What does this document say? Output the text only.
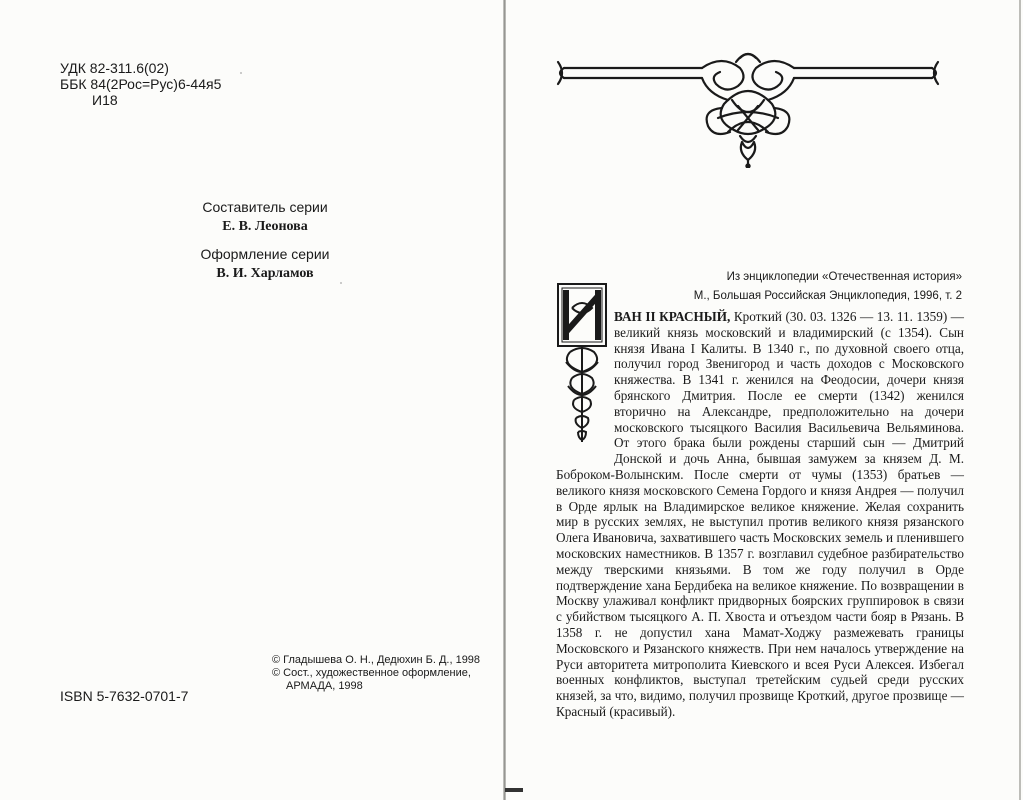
УДК 82-311.6(02)
ББК 84(2Рос=Рус)6-44я5
И18
Составитель серии
Е. В. Леонова
Оформление серии
В. И. Харламов
© Гладышева О. Н., Дедюхин Б. Д., 1998
© Сост., художественное оформление, АРМАДА, 1998
ISBN 5-7632-0701-7
Из энциклопедии «Отечественная история»
М., Большая Российская Энциклопедия, 1996, т. 2
ВАН II КРАСНЫЙ, Кроткий (30. 03. 1326 — 13. 11. 1359) — великий князь московский и владимирский (с 1354). Сын князя Ивана I Калиты. В 1340 г., по духовной своего отца, получил город Звенигород и часть доходов с Московского княжества. В 1341 г. женился на Феодосии, дочери князя брянского Дмитрия. После ее смерти (1342) женился вторично на Александре, предположительно на дочери московского тысяцкого Василия Васильевича Вельяминова. От этого брака были рождены старший сын — Дмитрий Донской и дочь Анна, бывшая замужем за князем Д. М. Боброком-Волынским. После смерти от чумы (1353) братьев — великого князя московского Семена Гордого и князя Андрея — получил в Орде ярлык на Владимирское великое княжение. Желая сохранить мир в русских землях, не выступил против великого князя рязанского Олега Ивановича, захватившего часть Московских земель и пленившего московских наместников. В 1357 г. возглавил судебное разбирательство между тверскими князьями. В том же году получил в Орде подтверждение хана Бердибека на великое княжение. По возвращении в Москву улаживал конфликт придворных боярских группировок в связи с убийством тысяцкого А. П. Хвоста и отъездом части бояр в Рязань. В 1358 г. не допустил хана Мамат-Ходжу размежевать границы Московского и Рязанского княжеств. При нем началось утверждение на Руси авторитета митрополита Киевского и всея Руси Алексея. Избегал военных конфликтов, выступал третейским судьей среди русских князей, за что, видимо, получил прозвище Кроткий, другое прозвище — Красный (красивый).
